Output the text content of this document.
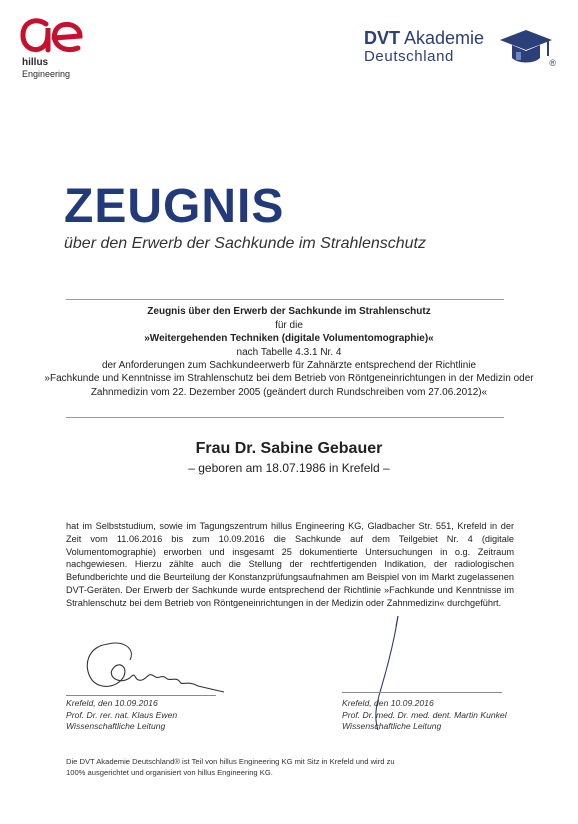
hillus
Engineering
DVT Akademie
Deutschland	®
ZEUGNIS
über den Erwerb der Sachkunde im Strahlenschutz
Zeugnis über den Erwerb der Sachkunde im Strahlenschutz
für die
»Weitergehenden Techniken (digitale Volumentomographie)«
nach Tabelle 4.3.1 Nr. 4
der Anforderungen zum Sachkundeerwerb für Zahnärzte entsprechend der Richtlinie
»Fachkunde und Kenntnisse im Strahlenschutz bei dem Betrieb von Röntgeneinrichtungen in der Medizin oder
Zahnmedizin vom 22. Dezember 2005 (geändert durch Rundschreiben vom 27.06.2012)«
Frau Dr. Sabine Gebauer
– geboren am 18.07.1986 in Krefeld –
hat im Selbststudium, sowie im Tagungszentrum hillus Engineering KG, Gladbacher Str. 551, Krefeld in der Zeit vom 11.06.2016 bis zum 10.09.2016 die Sachkunde auf dem Teilgebiet Nr. 4 (digitale Volumentomographie) erworben und insgesamt 25 dokumentierte Untersuchungen in o.g. Zeitraum nachgewiesen. Hierzu zählte auch die Stellung der rechtfertigenden Indikation, der radiologischen Befundberichte und die Beurteilung der Konstanzprüfungsaufnahmen am Beispiel von im Markt zugelassenen DVT-Geräten. Der Erwerb der Sachkunde wurde entsprechend der Richtlinie »Fachkunde und Kenntnisse im Strahlenschutz bei dem Betrieb von Röntgeneinrichtungen in der Medizin oder Zahnmedizin« durchgeführt.
Krefeld, den 10.09.2016
Prof. Dr. rer. nat. Klaus Ewen
Wissenschaftliche Leitung
Krefeld, den 10.09.2016
Prof. Dr. med. Dr. med. dent. Martin Kunkel
Wissenschaftliche Leitung
Die DVT Akademie Deutschland® ist Teil von hillus Engineering KG mit Sitz in Krefeld und wird zu
100% ausgerichtet und organisiert von hillus Engineering KG.
